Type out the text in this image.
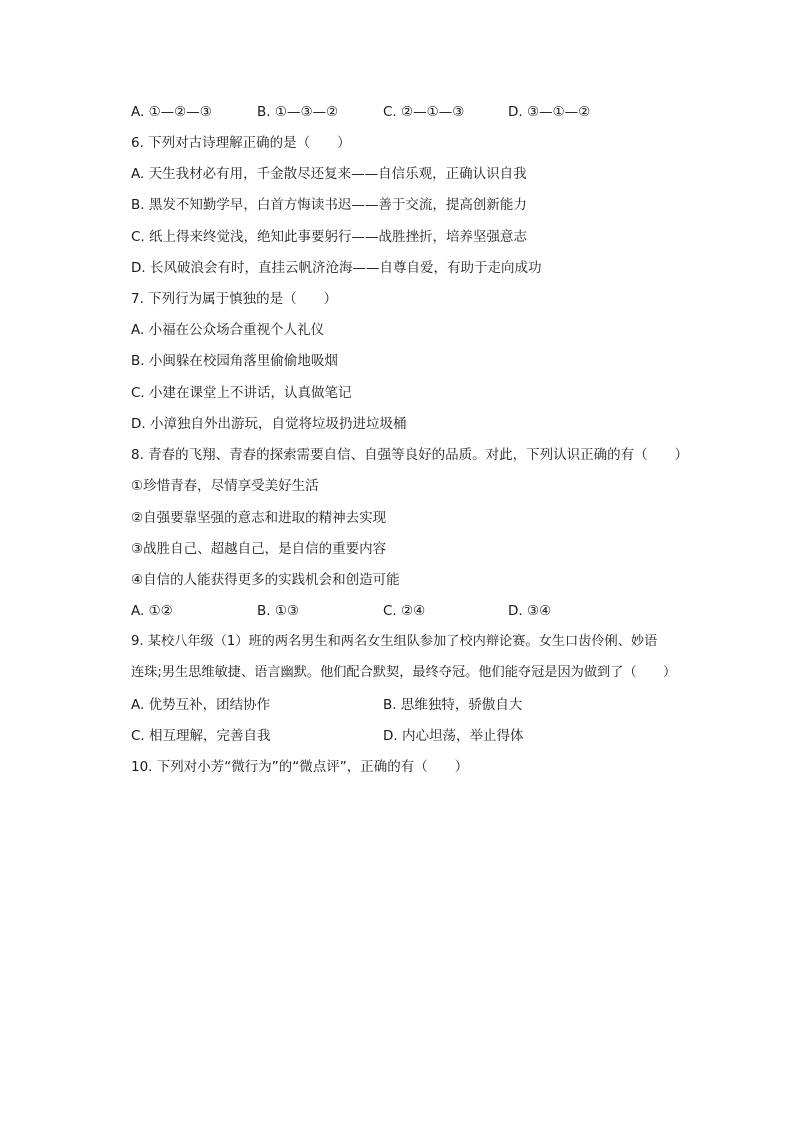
A. ①—②—③	B. ①—③—②	C. ②—①—③	D. ③—①—②
6. 下列对古诗理解正确的是（　　）
A. 天生我材必有用，千金散尽还复来——自信乐观，正确认识自我
B. 黑发不知勤学早，白首方悔读书迟——善于交流，提高创新能力
C. 纸上得来终觉浅，绝知此事要躬行——战胜挫折，培养坚强意志
D. 长风破浪会有时，直挂云帆济沧海——自尊自爱，有助于走向成功
7. 下列行为属于慎独的是（　　）
A. 小福在公众场合重视个人礼仪
B. 小闽躲在校园角落里偷偷地吸烟
C. 小建在课堂上不讲话，认真做笔记
D. 小漳独自外出游玩，自觉将垃圾扔进垃圾桶
8. 青春的飞翔、青春的探索需要自信、自强等良好的品质。对此，下列认识正确的有（　　）
①珍惜青春，尽情享受美好生活
②自强要靠坚强的意志和进取的精神去实现
③战胜自己、超越自己，是自信的重要内容
④自信的人能获得更多的实践机会和创造可能
A. ①②	B. ①③	C. ②④	D. ③④
9. 某校八年级（1）班的两名男生和两名女生组队参加了校内辩论赛。女生口齿伶俐、妙语
连珠;男生思维敏捷、语言幽默。他们配合默契，最终夺冠。他们能夺冠是因为做到了（　　）
A. 优势互补，团结协作	B. 思维独特，骄傲自大
C. 相互理解，完善自我	D. 内心坦荡，举止得体
10. 下列对小芳“微行为”的“微点评”，正确的有（　　）
